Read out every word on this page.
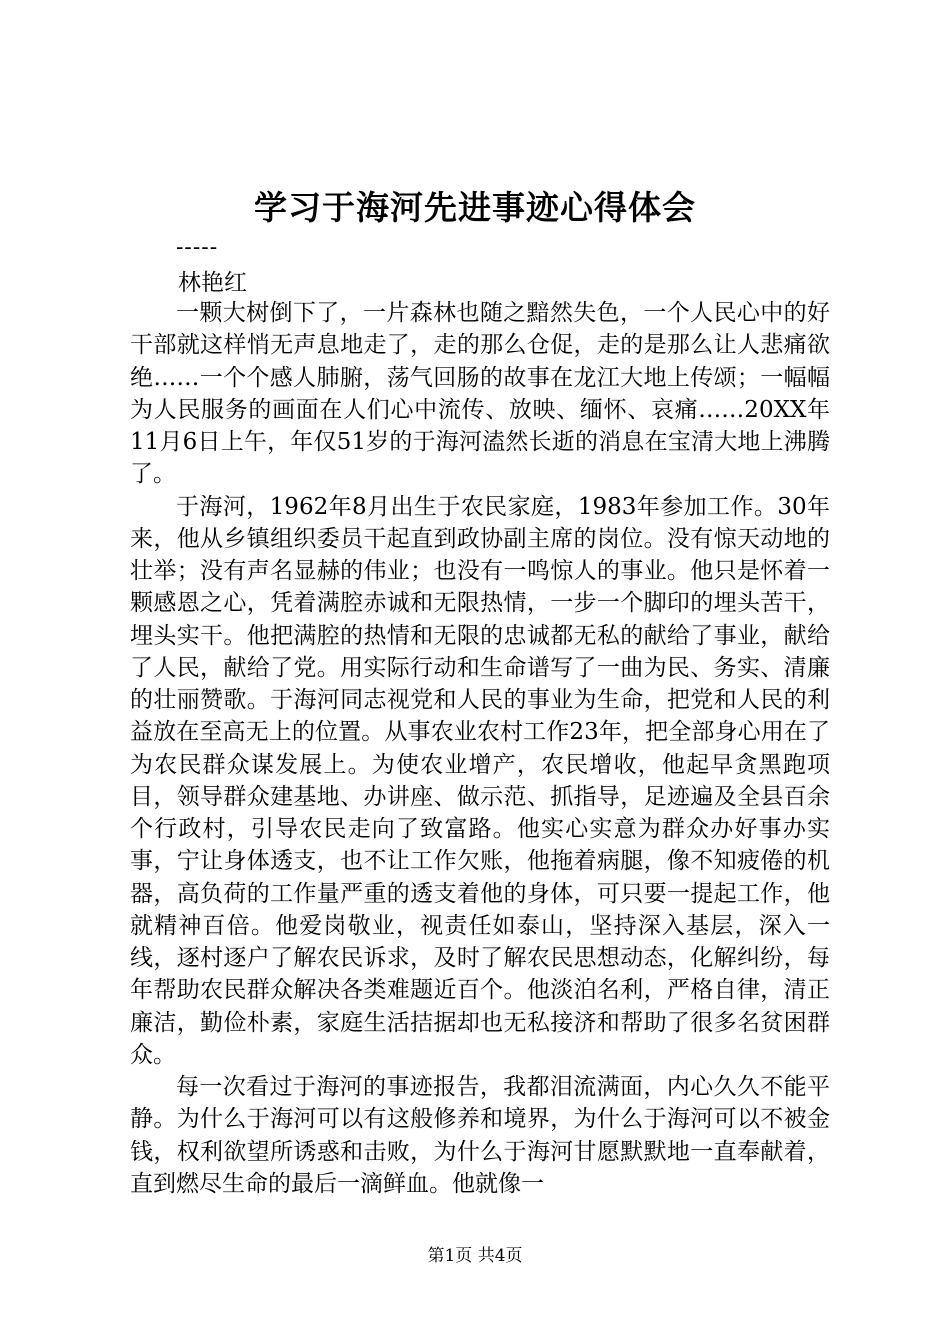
学习于海河先进事迹心得体会
-----
林艳红

一颗大树倒下了，一片森林也随之黯然失色，一个人民心中的好干部就这样悄无声息地走了，走的那么仓促，走的是那么让人悲痛欲绝……一个个感人肺腑，荡气回肠的故事在龙江大地上传颂；一幅幅为人民服务的画面在人们心中流传、放映、缅怀、哀痛……20XX年11月6日上午，年仅51岁的于海河溘然长逝的消息在宝清大地上沸腾了。

于海河，1962年8月出生于农民家庭，1983年参加工作。30年来，他从乡镇组织委员干起直到政协副主席的岗位。没有惊天动地的壮举；没有声名显赫的伟业；也没有一鸣惊人的事业。他只是怀着一颗感恩之心，凭着满腔赤诚和无限热情，一步一个脚印的埋头苦干，埋头实干。他把满腔的热情和无限的忠诚都无私的献给了事业，献给了人民，献给了党。用实际行动和生命谱写了一曲为民、务实、清廉的壮丽赞歌。于海河同志视党和人民的事业为生命，把党和人民的利益放在至高无上的位置。从事农业农村工作23年，把全部身心用在了为农民群众谋发展上。为使农业增产，农民增收，他起早贪黑跑项目，领导群众建基地、办讲座、做示范、抓指导，足迹遍及全县百余个行政村，引导农民走向了致富路。他实心实意为群众办好事办实事，宁让身体透支，也不让工作欠账，他拖着病腿，像不知疲倦的机器，高负荷的工作量严重的透支着他的身体，可只要一提起工作，他就精神百倍。他爱岗敬业，视责任如泰山，坚持深入基层，深入一线，逐村逐户了解农民诉求，及时了解农民思想动态，化解纠纷，每年帮助农民群众解决各类难题近百个。他淡泊名利，严格自律，清正廉洁，勤俭朴素，家庭生活拮据却也无私接济和帮助了很多名贫困群众。

每一次看过于海河的事迹报告，我都泪流满面，内心久久不能平静。为什么于海河可以有这般修养和境界，为什么于海河可以不被金钱，权利欲望所诱惑和击败，为什么于海河甘愿默默地一直奉献着，直到燃尽生命的最后一滴鲜血。他就像一

第1页 共4页
